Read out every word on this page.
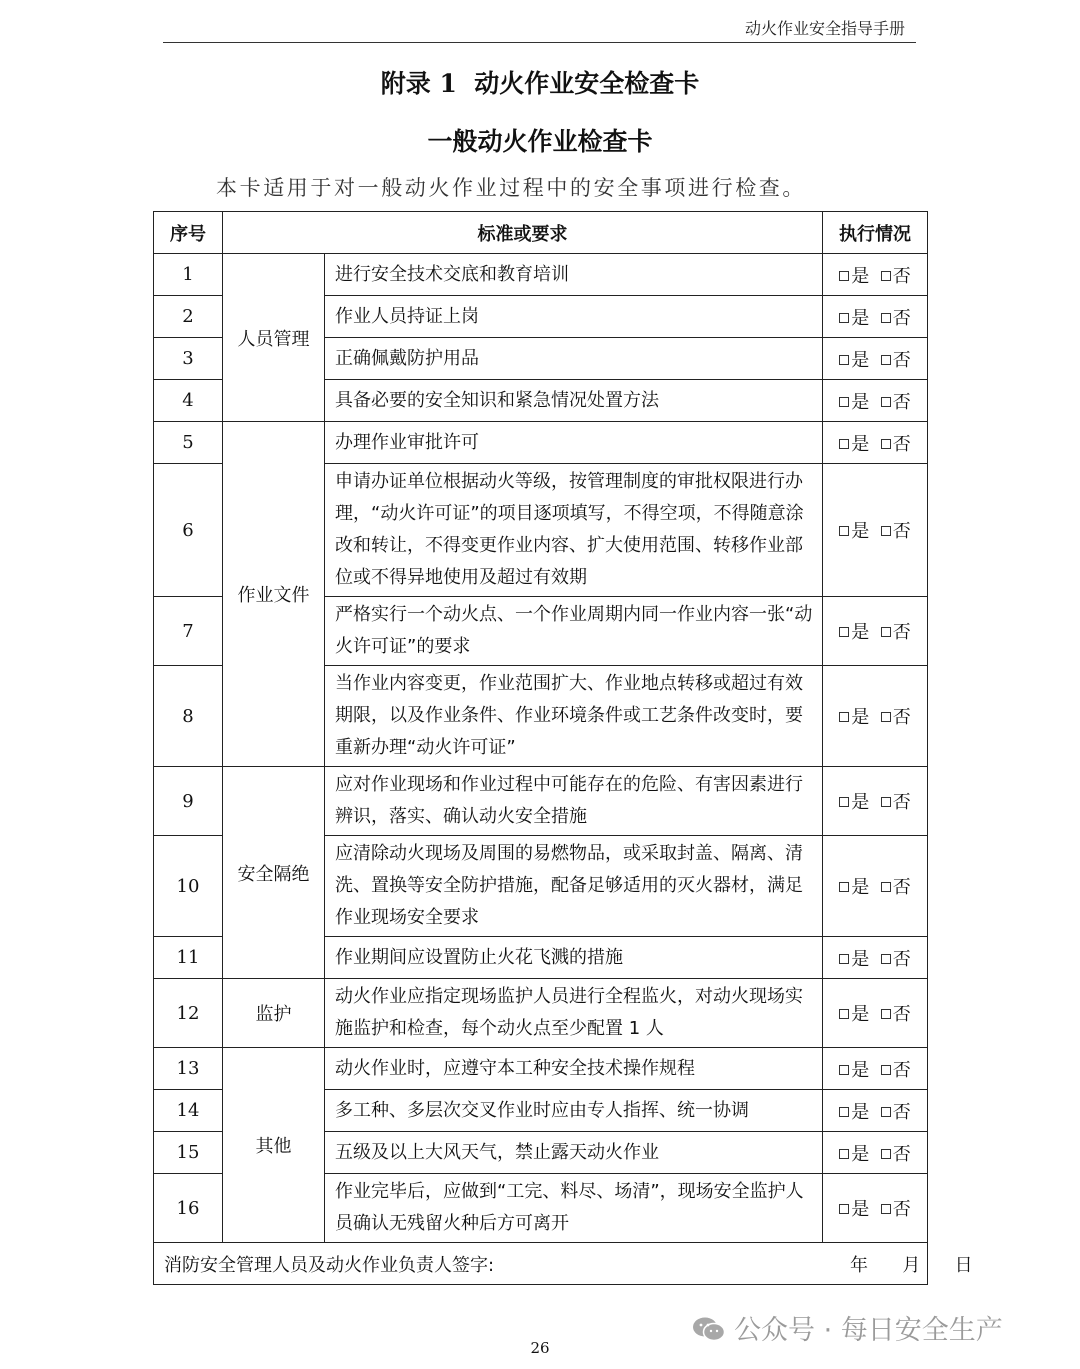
动火作业安全指导手册
附录 1  动火作业安全检查卡
一般动火作业检查卡
本卡适用于对一般动火作业过程中的安全事项进行检查。
序号	标准或要求		执行情况
1	人员管理	进行安全技术交底和教育培训	是 否
2		作业人员持证上岗	是 否
3		正确佩戴防护用品	是 否
4		具备必要的安全知识和紧急情况处置方法	是 否
5	作业文件	办理作业审批许可	是 否
6		申请办证单位根据动火等级，按管理制度的审批权限进行办理，“动火许可证”的项目逐项填写，不得空项，不得随意涂改和转让，不得变更作业内容、扩大使用范围、转移作业部位或不得异地使用及超过有效期	是 否
7		严格实行一个动火点、一个作业周期内同一作业内容一张“动火许可证”的要求	是 否
8		当作业内容变更，作业范围扩大、作业地点转移或超过有效期限，以及作业条件、作业环境条件或工艺条件改变时，要重新办理“动火许可证”	是 否
9	安全隔绝	应对作业现场和作业过程中可能存在的危险、有害因素进行辨识，落实、确认动火安全措施	是 否
10		应清除动火现场及周围的易燃物品，或采取封盖、隔离、清洗、置换等安全防护措施，配备足够适用的灭火器材，满足作业现场安全要求	是 否
11		作业期间应设置防止火花飞溅的措施	是 否
12	监护	动火作业应指定现场监护人员进行全程监火，对动火现场实施监护和检查，每个动火点至少配置 1 人	是 否
13	其他	动火作业时，应遵守本工种安全技术操作规程	是 否
14		多工种、多层次交叉作业时应由专人指挥、统一协调	是 否
15		五级及以上大风天气，禁止露天动火作业	是 否
16		作业完毕后，应做到“工完、料尽、场清”，现场安全监护人员确认无残留火种后方可离开	是 否
消防安全管理人员及动火作业负责人签字: 年      月      日			
公众号 · 每日安全生产
26
